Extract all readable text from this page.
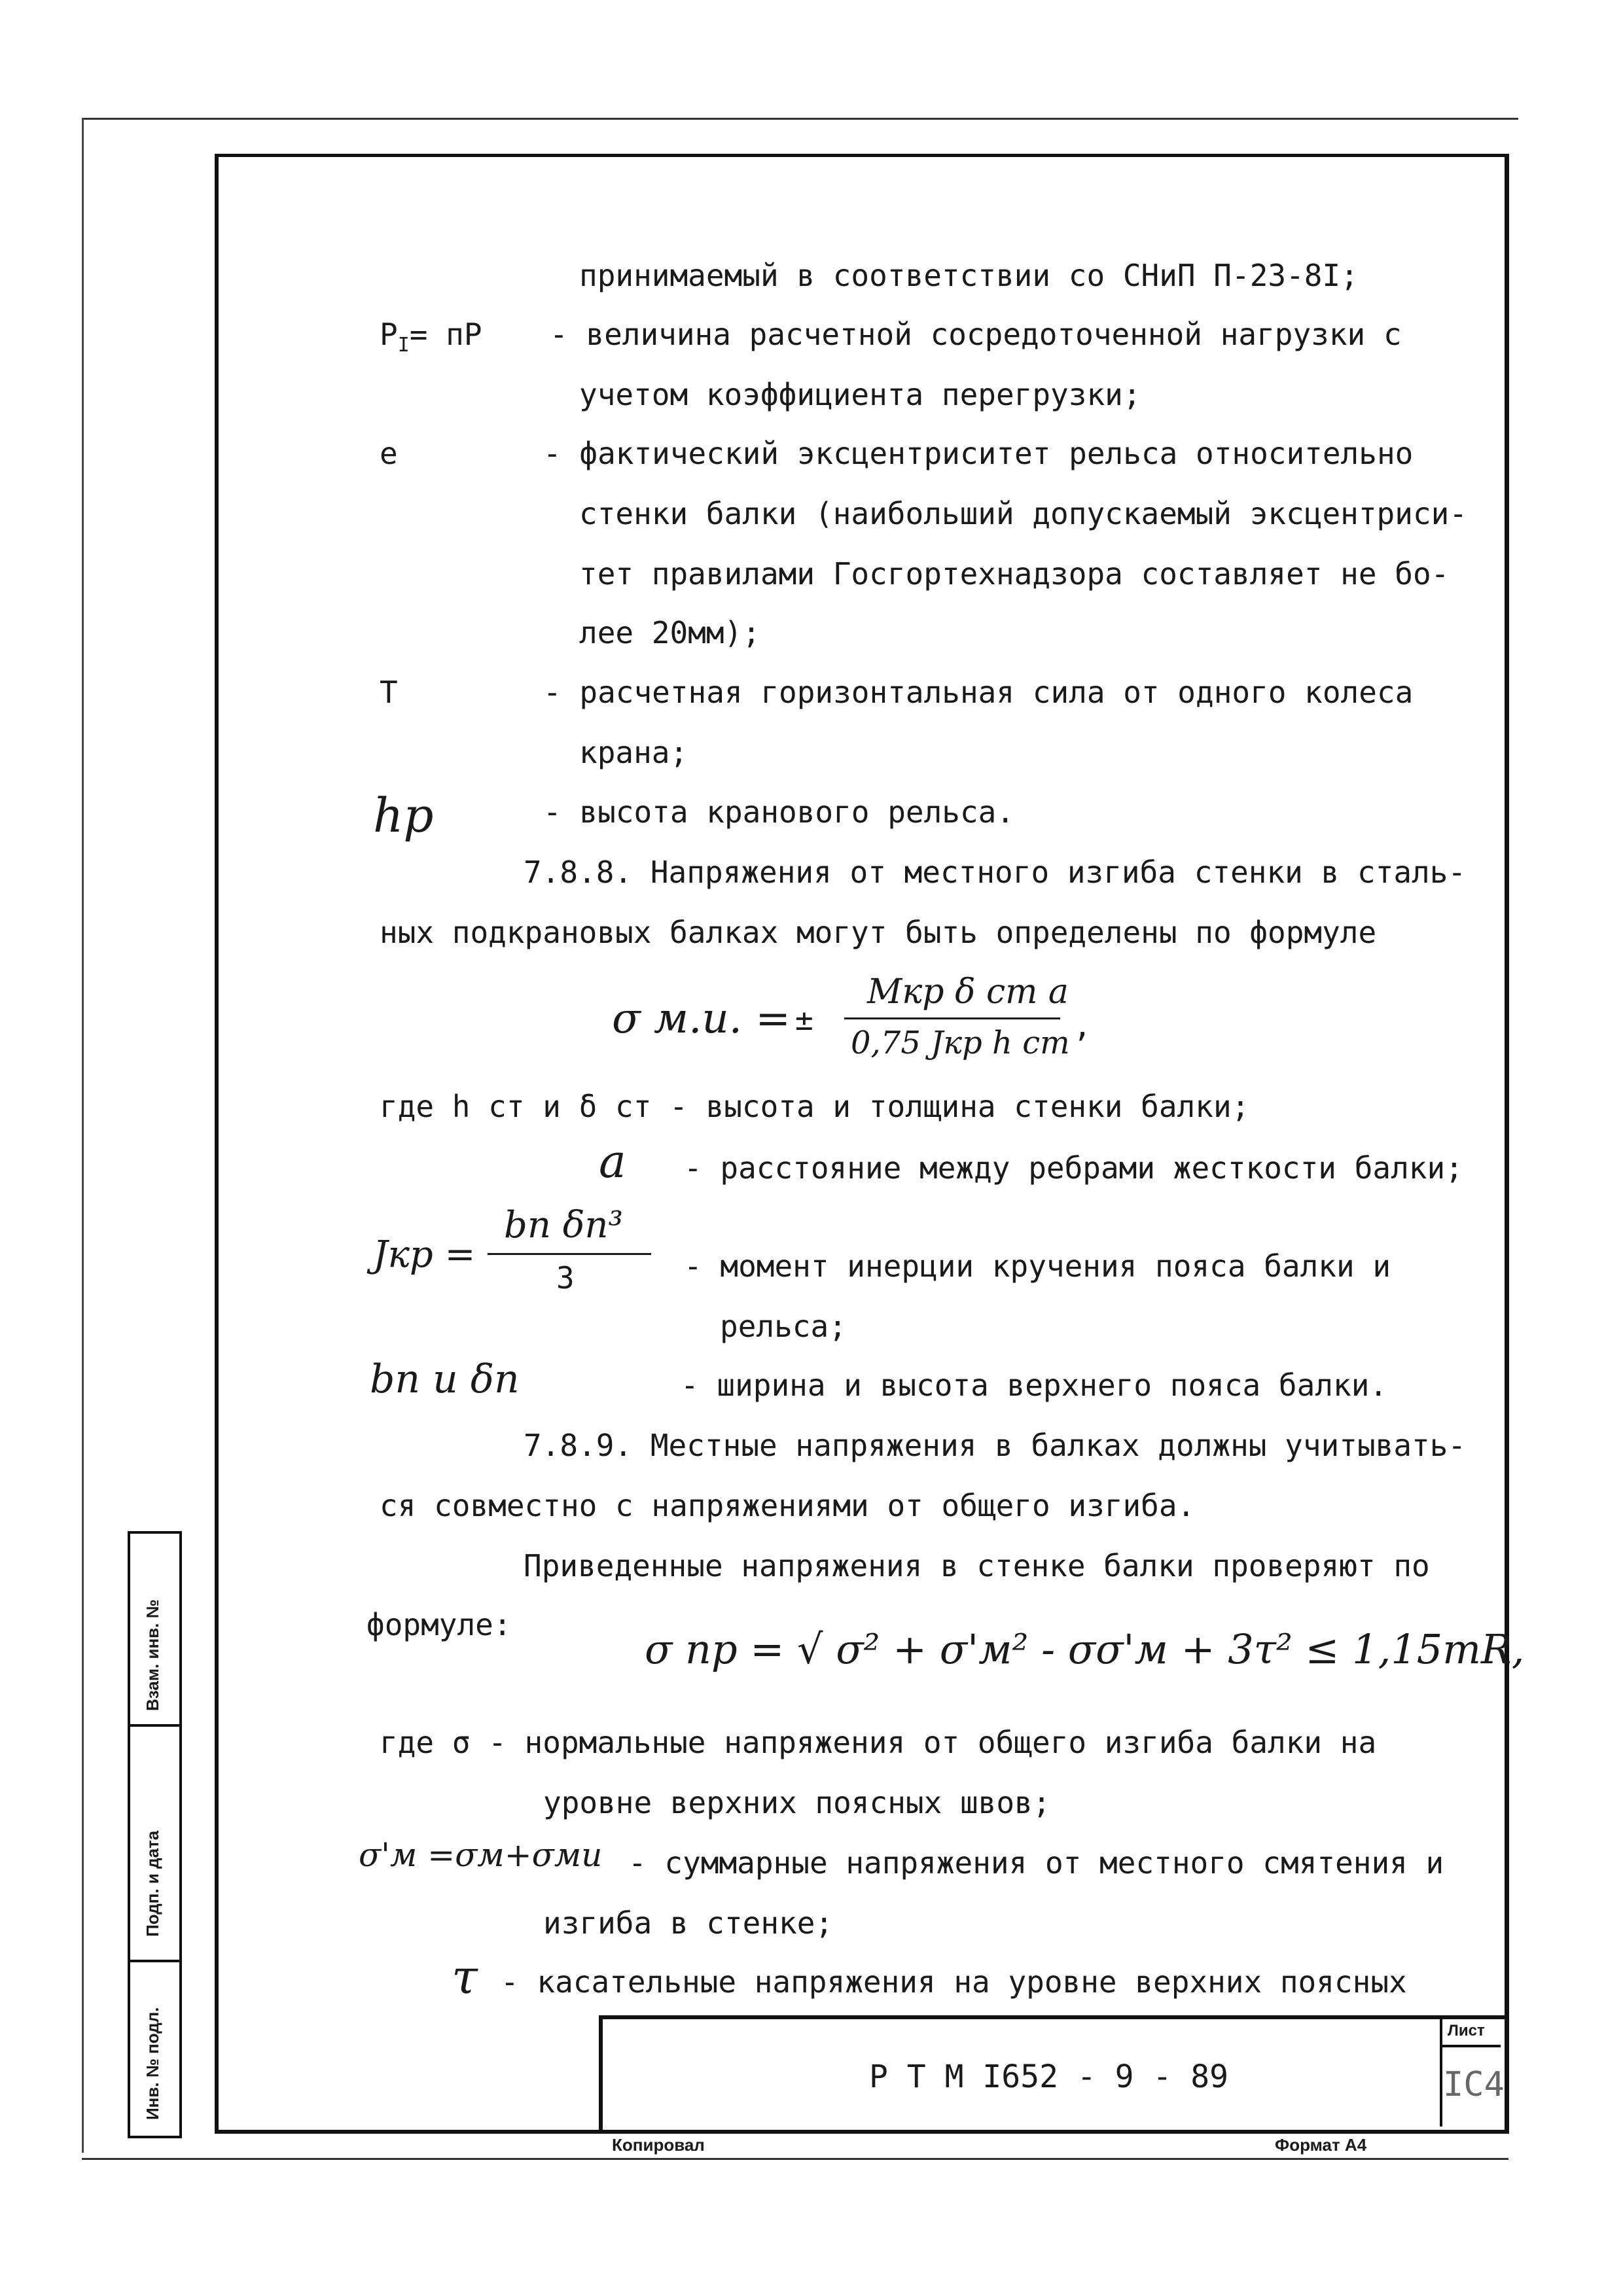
принимаемый в соответствии со СНиП П-23-8I;
$P_I=$ пР - величина расчетной сосредоточенной нагрузки с
учетом коэффициента перегрузки;
е	- фактический эксцентриситет рельса относительно
стенки балки (наибольший допускаемый эксцентриси-
тет правилами Госгортехнадзора составляет не бо-
лее 20мм);
Т	- расчетная горизонтальная сила от одного колеса
крана;
hp	- высота кранового рельса.
7.8.8. Напряжения от местного изгиба стенки в сталь-
ных подкрановых балках могут быть определены по формуле
σ м.и. = ±
Мкр δ ст a
0,75 Jкр h ст ,
где h ст и δ ст - высота и толщина стенки балки;
a - расстояние между ребрами жесткости балки;
Jкр =
bп δп³
3	- момент инерции кручения пояса балки и
рельса;
bп и δп	- ширина и высота верхнего пояса балки.
7.8.9. Местные напряжения в балках должны учитывать-
ся совместно с напряжениями от общего изгиба.
Приведенные напряжения в стенке балки проверяют по
формуле:
σ пр = √ σ² + σ'м² - σσ'м + 3τ² ≤ 1,15mR,
где σ - нормальные напряжения от общего изгиба балки на
уровне верхних поясных швов;
σ'м =σм+σми - суммарные напряжения от местного смятения и
изгиба в стенке;
τ - касательные напряжения на уровне верхних поясных
Взам. инв. №
Подп. и дата
Инв. № подл.	Р Т М I652 - 9 - 89
Лист
IC4
Копировал	Формат А4
